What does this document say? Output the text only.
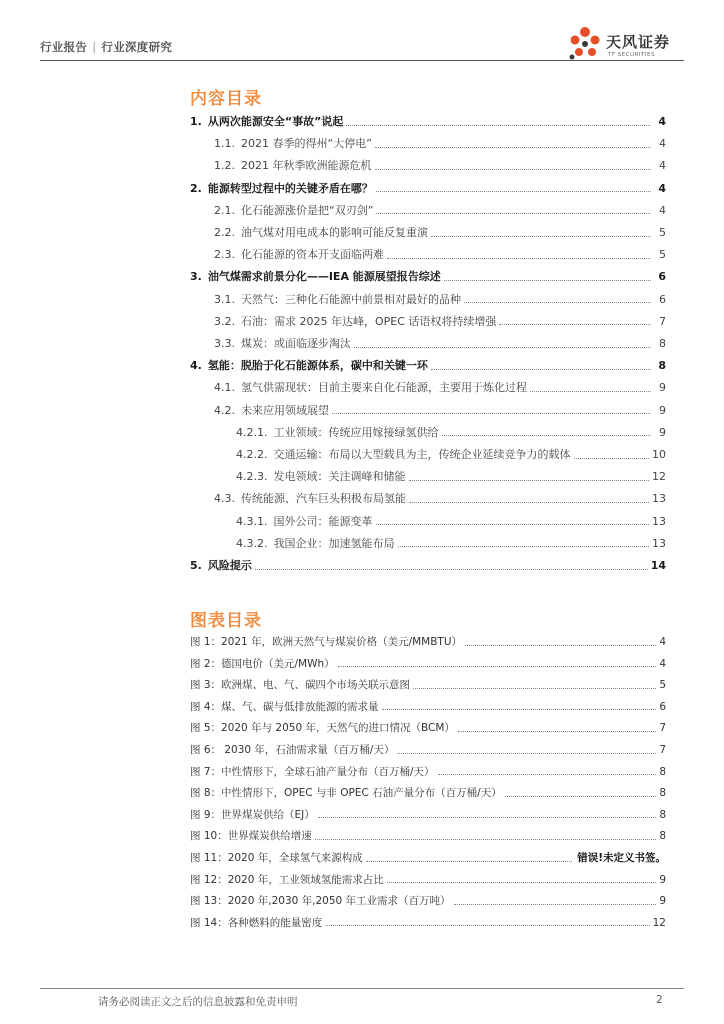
行业报告 | 行业深度研究	天风证券
TF SECURITIES
内容目录
1. 从两次能源安全“事故”说起	4
1.1. 2021 春季的得州“大停电”	4
1.2. 2021 年秋季欧洲能源危机	4
2. 能源转型过程中的关键矛盾在哪？	4
2.1. 化石能源涨价是把“双刃剑”	4
2.2. 油气煤对用电成本的影响可能反复重演	5
2.3. 化石能源的资本开支面临两难	5
3. 油气煤需求前景分化——IEA 能源展望报告综述	6
3.1. 天然气：三种化石能源中前景相对最好的品种	6
3.2. 石油：需求 2025 年达峰，OPEC 话语权将持续增强	7
3.3. 煤炭：或面临逐步淘汰	8
4. 氢能：脱胎于化石能源体系，碳中和关键一环	8
4.1. 氢气供需现状：目前主要来自化石能源，主要用于炼化过程	9
4.2. 未来应用领域展望	9
4.2.1. 工业领域：传统应用嫁接绿氢供给	9
4.2.2. 交通运输：布局以大型载具为主，传统企业延续竞争力的载体	10
4.2.3. 发电领域：关注调峰和储能	12
4.3. 传统能源、汽车巨头积极布局氢能	13
4.3.1. 国外公司：能源变革	13
4.3.2. 我国企业：加速氢能布局	13
5. 风险提示	14
图表目录
图 1：2021 年，欧洲天然气与煤炭价格（美元/MMBTU）	4
图 2：德国电价（美元/MWh）	4
图 3：欧洲煤、电、气、碳四个市场关联示意图	5
图 4：煤、气、碳与低排放能源的需求量	6
图 5：2020 年与 2050 年，天然气的进口情况（BCM）	7
图 6： 2030 年，石油需求量（百万桶/天）	7
图 7：中性情形下，全球石油产量分布（百万桶/天）	8
图 8：中性情形下，OPEC 与非 OPEC 石油产量分布（百万桶/天）	8
图 9：世界煤炭供给（EJ）	8
图 10：世界煤炭供给增速	8
图 11：2020 年，全球氢气来源构成	错误!未定义书签。
图 12：2020 年，工业领域氢能需求占比	9
图 13：2020 年,2030 年,2050 年工业需求（百万吨）	9
图 14：各种燃料的能量密度	12
请务必阅读正文之后的信息披露和免责申明	2
